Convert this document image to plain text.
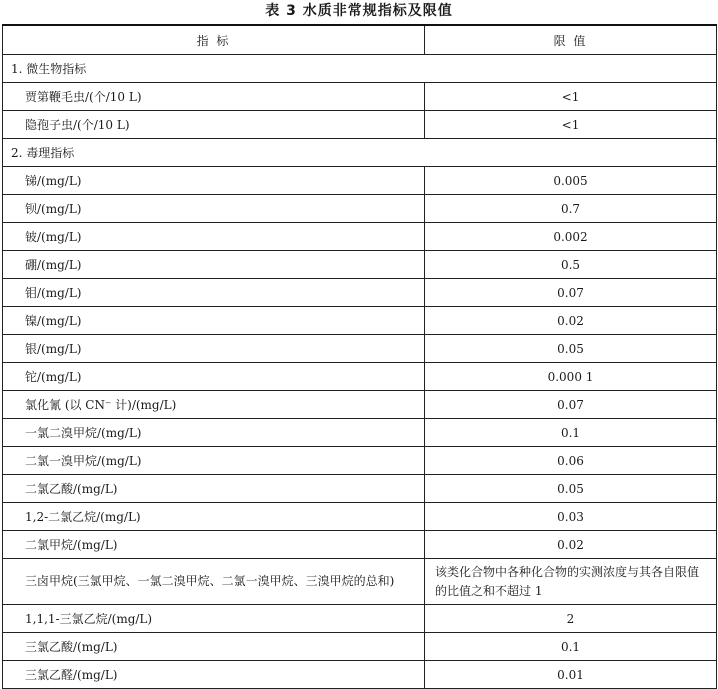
表 3 水质非常规指标及限值
指 标	限 值
1. 微生物指标	
贾第鞭毛虫/(个/10 L)	<1
隐孢子虫/(个/10 L)	<1
2. 毒理指标	
锑/(mg/L)	0.005
钡/(mg/L)	0.7
铍/(mg/L)	0.002
硼/(mg/L)	0.5
钼/(mg/L)	0.07
镍/(mg/L)	0.02
银/(mg/L)	0.05
铊/(mg/L)	0.000 1
氯化氰 (以 CN⁻ 计)/(mg/L)	0.07
一氯二溴甲烷/(mg/L)	0.1
二氯一溴甲烷/(mg/L)	0.06
二氯乙酸/(mg/L)	0.05
1,2-二氯乙烷/(mg/L)	0.03
二氯甲烷/(mg/L)	0.02
三卤甲烷(三氯甲烷、一氯二溴甲烷、二氯一溴甲烷、三溴甲烷的总和)	该类化合物中各种化合物的实测浓度与其各自限值的比值之和不超过 1
1,1,1-三氯乙烷/(mg/L)	2
三氯乙酸/(mg/L)	0.1
三氯乙醛/(mg/L)	0.01
